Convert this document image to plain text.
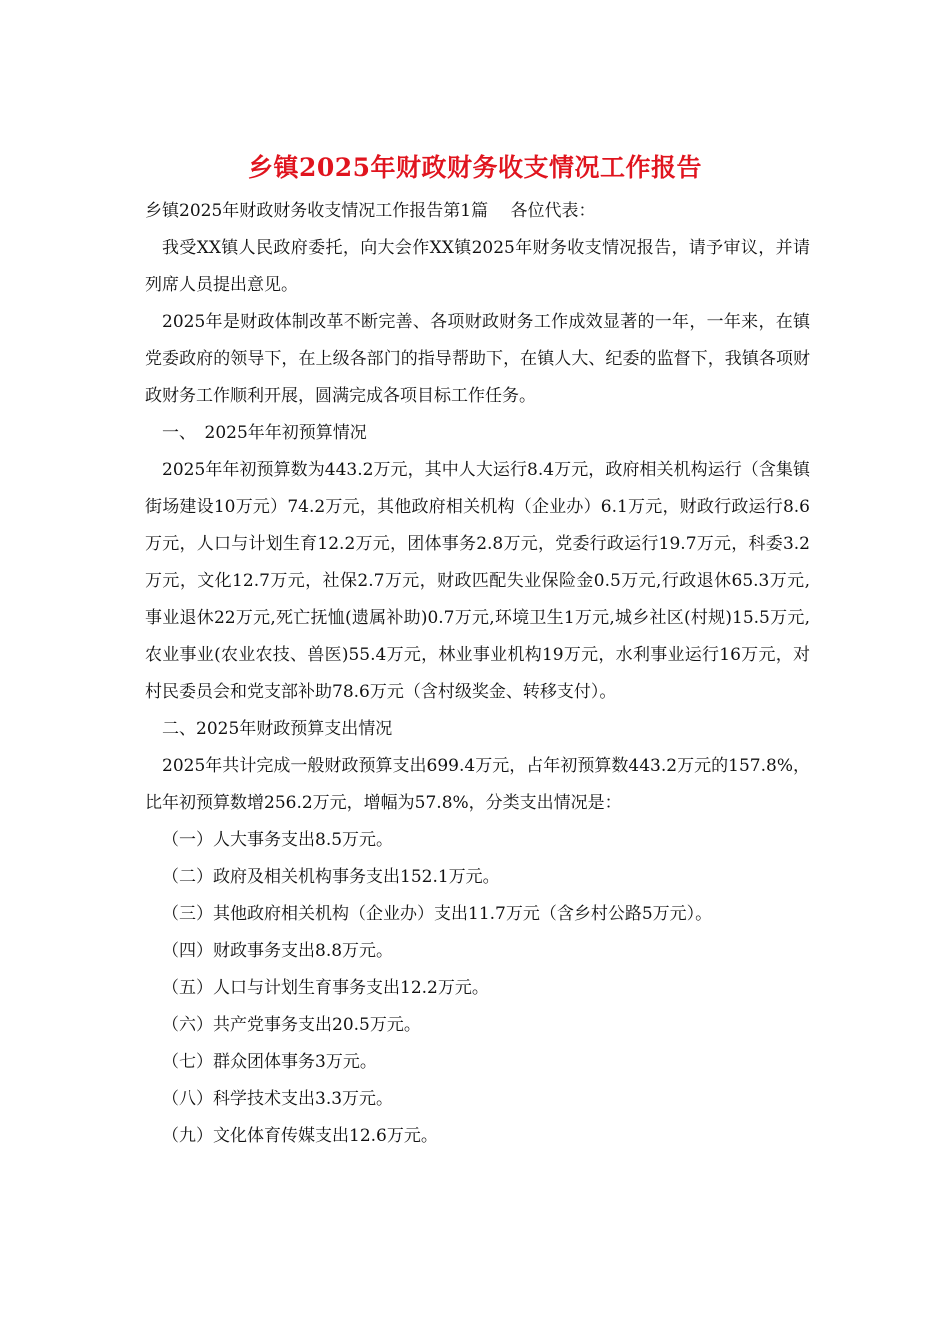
乡镇2025年财政财务收支情况工作报告

乡镇2025年财政财务收支情况工作报告第1篇　 各位代表：

我受XX镇人民政府委托，向大会作XX镇2025年财务收支情况报告，请予审议，并请列席人员提出意见。

2025年是财政体制改革不断完善、各项财政财务工作成效显著的一年，一年来，在镇党委政府的领导下，在上级各部门的指导帮助下，在镇人大、纪委的监督下，我镇各项财政财务工作顺利开展，圆满完成各项目标工作任务。

一、　2025年年初预算情况

2025年年初预算数为443.2万元，其中人大运行8.4万元，政府相关机构运行（含集镇街场建设10万元）74.2万元，其他政府相关机构（企业办）6.1万元，财政行政运行8.6万元，人口与计划生育12.2万元，团体事务2.8万元，党委行政运行19.7万元，科委3.2万元，文化12.7万元，社保2.7万元，财政匹配失业保险金0.5万元,行政退休65.3万元,事业退休22万元,死亡抚恤(遗属补助)0.7万元,环境卫生1万元,城乡社区(村规)15.5万元,农业事业(农业农技、兽医)55.4万元，林业事业机构19万元，水利事业运行16万元，对村民委员会和党支部补助78.6万元（含村级奖金、转移支付）。

二、2025年财政预算支出情况

2025年共计完成一般财政预算支出699.4万元，占年初预算数443.2万元的157.8%，比年初预算数增256.2万元，增幅为57.8%，分类支出情况是：

（一）人大事务支出8.5万元。

（二）政府及相关机构事务支出152.1万元。

（三）其他政府相关机构（企业办）支出11.7万元（含乡村公路5万元）。

（四）财政事务支出8.8万元。

（五）人口与计划生育事务支出12.2万元。

（六）共产党事务支出20.5万元。

（七）群众团体事务3万元。

（八）科学技术支出3.3万元。

（九）文化体育传媒支出12.6万元。
